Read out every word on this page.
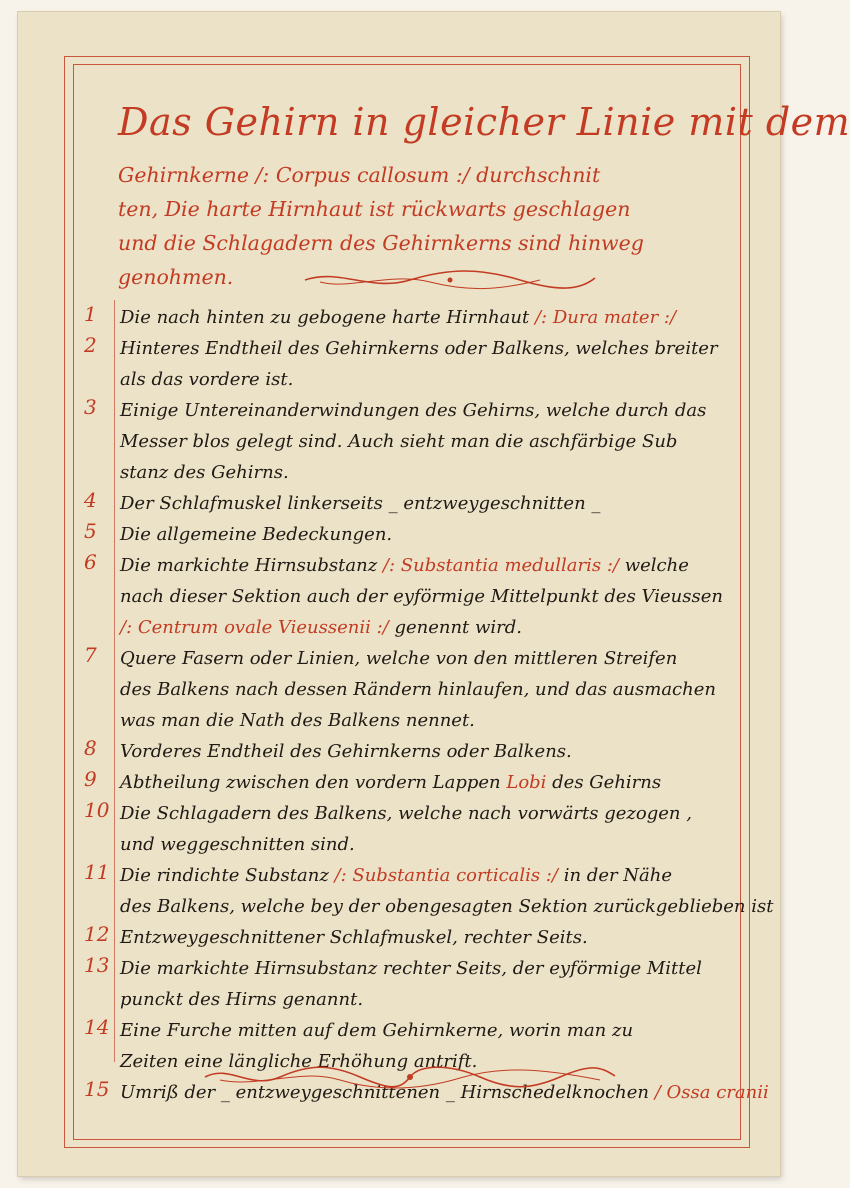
Das Gehirn in gleicher Linie mit dem
Gehirnkerne /: Corpus callosum :/ durchschnit
ten, Die harte Hirnhaut ist rückwarts geschlagen
und die Schlagadern des Gehirnkerns sind hinweg
genohmen.
1	Die nach hinten zu gebogene harte Hirnhaut /: Dura mater :/
2	Hinteres Endtheil des Gehirnkerns oder Balkens, welches breiter
als das vordere ist.
3	Einige Untereinanderwindungen des Gehirns, welche durch das
Messer blos gelegt sind. Auch sieht man die aschfärbige Sub
stanz des Gehirns.
4	Der Schlafmuskel linkerseits _ entzweygeschnitten _
5	Die allgemeine Bedeckungen.
6	Die markichte Hirnsubstanz /: Substantia medullaris :/ welche
nach dieser Sektion auch der eyförmige Mittelpunkt des Vieussen
/: Centrum ovale Vieussenii :/ genennt wird.
7	Quere Fasern oder Linien, welche von den mittleren Streifen
des Balkens nach dessen Rändern hinlaufen, und das ausmachen
was man die Nath des Balkens nennet.
8	Vorderes Endtheil des Gehirnkerns oder Balkens.
9	Abtheilung zwischen den vordern Lappen Lobi des Gehirns
10 Die Schlagadern des Balkens, welche nach vorwärts gezogen ,
und weggeschnitten sind.
11 Die rindichte Substanz /: Substantia corticalis :/ in der Nähe
des Balkens, welche bey der obengesagten Sektion zurückgeblieben ist
12 Entzweygeschnittener Schlafmuskel, rechter Seits.
13 Die markichte Hirnsubstanz rechter Seits, der eyförmige Mittel
punckt des Hirns genannt.
14 Eine Furche mitten auf dem Gehirnkerne, worin man zu
Zeiten eine längliche Erhöhung antrift.
15 Umriß der _ entzweygeschnittenen _ Hirnschedelknochen / Ossa cranii
